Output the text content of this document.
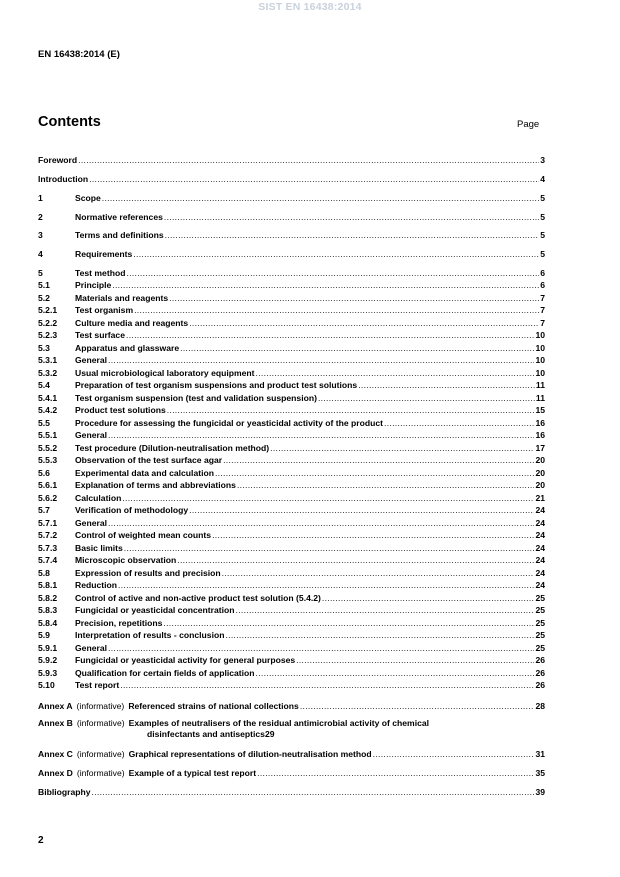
SIST EN 16438:2014
EN 16438:2014 (E)
Contents	Page
Foreword .....	3
Introduction .....	4
1	Scope .....	5
2	Normative references .....	5
3	Terms and definitions .....	5
4	Requirements .....	5
5	Test method .....	6
5.1	Principle .....	6
5.2	Materials and reagents .....	7
5.2.1	Test organism .....	7
5.2.2	Culture media and reagents .....	7
5.2.3	Test surface .....	10
5.3	Apparatus and glassware .....	10
5.3.1	General .....	10
5.3.2	Usual microbiological laboratory equipment .....	10
5.4	Preparation of test organism suspensions and product test solutions .....	11
5.4.1	Test organism suspension (test and validation suspension) .....	11
5.4.2	Product test solutions .....	15
5.5	Procedure for assessing the fungicidal or yeasticidal activity of the product .....	16
5.5.1	General .....	16
5.5.2	Test procedure (Dilution-neutralisation method) .....	17
5.5.3	Observation of the test surface agar .....	20
5.6	Experimental data and calculation .....	20
5.6.1	Explanation of terms and abbreviations .....	20
5.6.2	Calculation .....	21
5.7	Verification of methodology .....	24
5.7.1	General .....	24
5.7.2	Control of weighted mean counts .....	24
5.7.3	Basic limits .....	24
5.7.4	Microscopic observation .....	24
5.8	Expression of results and precision .....	24
5.8.1	Reduction .....	24
5.8.2	Control of active and non-active product test solution (5.4.2) .....	25
5.8.3	Fungicidal or yeasticidal concentration .....	25
5.8.4	Precision, repetitions .....	25
5.9	Interpretation of results - conclusion .....	25
5.9.1	General .....	25
5.9.2	Fungicidal or yeasticidal activity for general purposes .....	26
5.9.3	Qualification for certain fields of application .....	26
5.10	Test report .....	26
Annex A (informative) Referenced strains of national collections .....	28
Annex B (informative) Examples of neutralisers of the residual antimicrobial activity of chemical
disinfectants and antiseptics 29
Annex C (informative) Graphical representations of dilution-neutralisation method .....	31
Annex D (informative) Example of a typical test report .....	35
Bibliography .....	39
2
